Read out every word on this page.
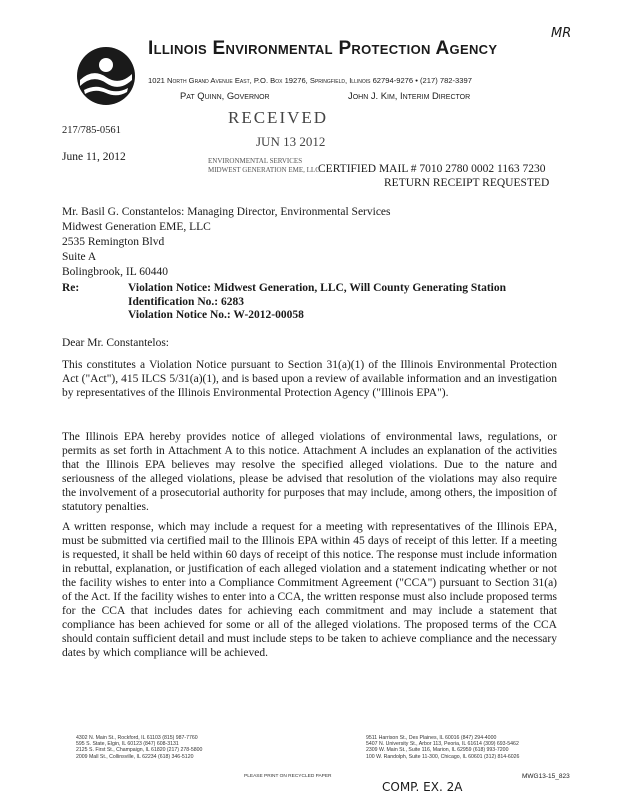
MR
Illinois Environmental Protection Agency
1021 North Grand Avenue East, P.O. Box 19276, Springfield, Illinois 62794-9276 • (217) 782-3397
Pat Quinn, Governor	John J. Kim, Interim Director
RECEIVED
JUN 13 2012
ENVIRONMENTAL SERVICES
MIDWEST GENERATION EME, LLC
217/785-0561
June 11, 2012
CERTIFIED MAIL # 7010 2780 0002 1163 7230
RETURN RECEIPT REQUESTED
Mr. Basil G. Constantelos: Managing Director, Environmental Services
Midwest Generation EME, LLC
2535 Remington Blvd
Suite A
Bolingbrook, IL 60440
Re:	Violation Notice: Midwest Generation, LLC, Will County Generating Station
Identification No.: 6283
Violation Notice No.: W-2012-00058
Dear Mr. Constantelos:
This constitutes a Violation Notice pursuant to Section 31(a)(1) of the Illinois Environmental Protection Act ("Act"), 415 ILCS 5/31(a)(1), and is based upon a review of available information and an investigation by representatives of the Illinois Environmental Protection Agency ("Illinois EPA").
The Illinois EPA hereby provides notice of alleged violations of environmental laws, regulations, or permits as set forth in Attachment A to this notice. Attachment A includes an explanation of the activities that the Illinois EPA believes may resolve the specified alleged violations. Due to the nature and seriousness of the alleged violations, please be advised that resolution of the violations may also require the involvement of a prosecutorial authority for purposes that may include, among others, the imposition of statutory penalties.
A written response, which may include a request for a meeting with representatives of the Illinois EPA, must be submitted via certified mail to the Illinois EPA within 45 days of receipt of this letter. If a meeting is requested, it shall be held within 60 days of receipt of this notice. The response must include information in rebuttal, explanation, or justification of each alleged violation and a statement indicating whether or not the facility wishes to enter into a Compliance Commitment Agreement ("CCA") pursuant to Section 31(a) of the Act. If the facility wishes to enter into a CCA, the written response must also include proposed terms for the CCA that includes dates for achieving each commitment and may include a statement that compliance has been achieved for some or all of the alleged violations. The proposed terms of the CCA should contain sufficient detail and must include steps to be taken to achieve compliance and the necessary dates by which compliance will be achieved.
4302 N. Main St., Rockford, IL 61103 (815) 987-7760
595 S. State, Elgin, IL 60123 (847) 608-3131
2125 S. First St., Champaign, IL 61820 (217) 278-5800
2009 Mall St., Collinsville, IL 62234 (618) 346-5120
9511 Harrison St., Des Plaines, IL 60016 (847) 294-4000
5407 N. University St., Arbor 113, Peoria, IL 61614 (309) 693-5462
2309 W. Main St., Suite 116, Marion, IL 62959 (618) 993-7200
100 W. Randolph, Suite 11-300, Chicago, IL 60601 (312) 814-6026
PLEASE PRINT ON RECYCLED PAPER
COMP. EX. 2A
MWG13-15_823
